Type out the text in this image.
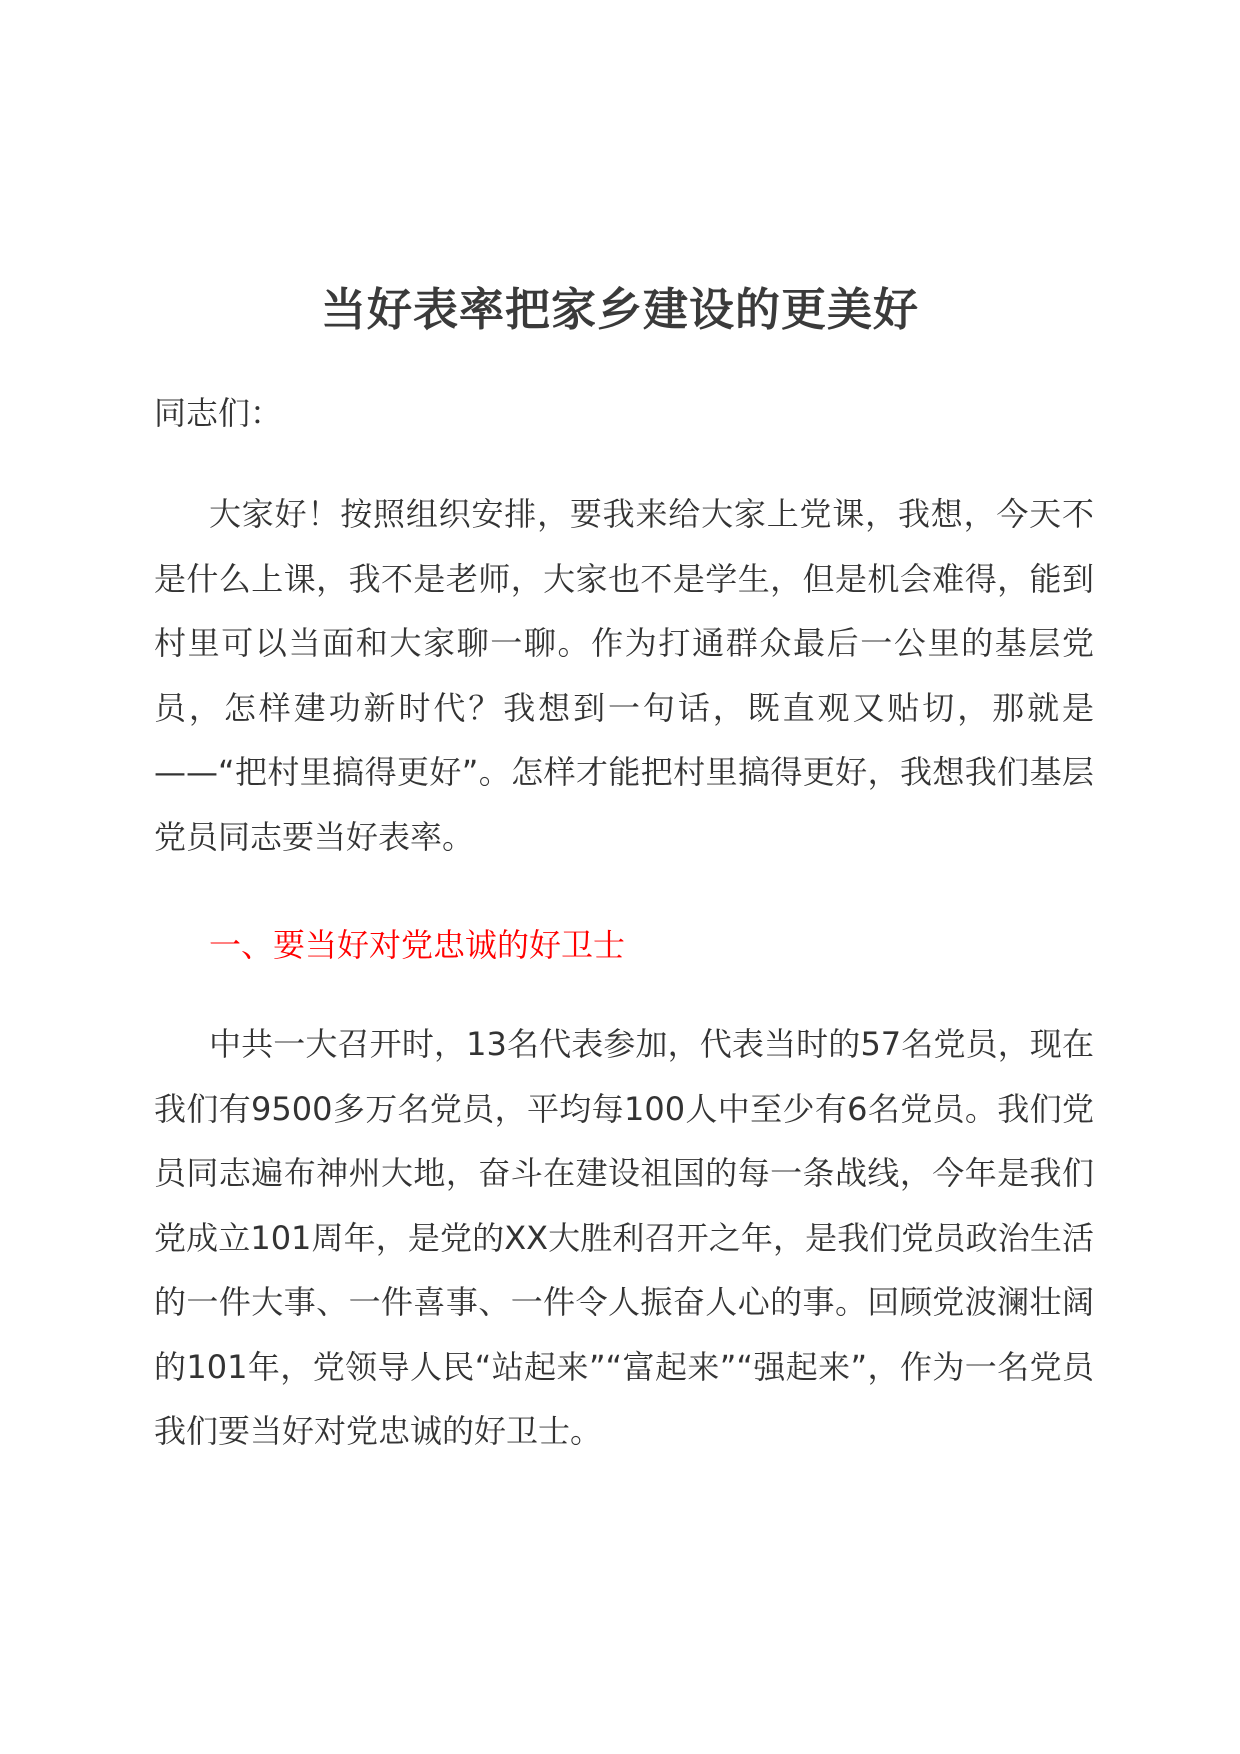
当好表率把家乡建设的更美好

同志们：

大家好！按照组织安排，要我来给大家上党课，我想，今天不是什么上课，我不是老师，大家也不是学生，但是机会难得，能到村里可以当面和大家聊一聊。作为打通群众最后一公里的基层党员，怎样建功新时代？我想到一句话，既直观又贴切，那就是——“把村里搞得更好”。怎样才能把村里搞得更好，我想我们基层党员同志要当好表率。

一、要当好对党忠诚的好卫士

中共一大召开时，13名代表参加，代表当时的57名党员，现在我们有9500多万名党员，平均每100人中至少有6名党员。我们党员同志遍布神州大地，奋斗在建设祖国的每一条战线，今年是我们党成立101周年，是党的XX大胜利召开之年，是我们党员政治生活的一件大事、一件喜事、一件令人振奋人心的事。回顾党波澜壮阔的101年，党领导人民“站起来”“富起来”“强起来”，作为一名党员我们要当好对党忠诚的好卫士。
